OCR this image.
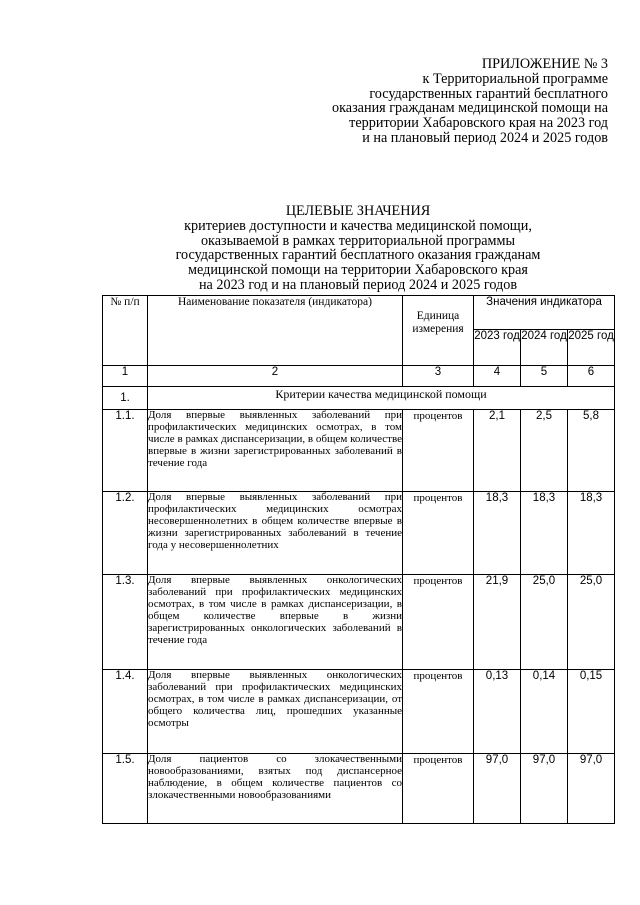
ПРИЛОЖЕНИЕ № 3
к Территориальной программе
государственных гарантий бесплатного
оказания гражданам медицинской помощи на
территории Хабаровского края на 2023 год
и на плановый период 2024 и 2025 годов
ЦЕЛЕВЫЕ ЗНАЧЕНИЯ
критериев доступности и качества медицинской помощи,
оказываемой в рамках территориальной программы
государственных гарантий бесплатного оказания гражданам
медицинской помощи на территории Хабаровского края
на 2023 год и на плановый период 2024 и 2025 годов
№ п/п	Наименование показателя (индикатора)	Единица измерения	Значения индикатора		
			2023 год	2024 год	2025 год
1	2	3	4	5	6
1.	Критерии качества медицинской помощи				
1.1.	Доля впервые выявленных заболеваний при профилактических медицинских осмотрах, в том числе в рамках диспансеризации, в общем количестве впервые в жизни зарегистрированных заболеваний в течение года	процентов	2,1	2,5	5,8
1.2.	Доля впервые выявленных заболеваний при профилактических медицинских осмотрах несовершеннолетних в общем количестве впервые в жизни зарегистрированных заболеваний в течение года у несовершеннолетних	процентов	18,3	18,3	18,3
1.3.	Доля впервые выявленных онкологических заболеваний при профилактических медицинских осмотрах, в том числе в рамках диспансеризации, в общем количестве впервые в жизни зарегистрированных онкологических заболеваний в течение года	процентов	21,9	25,0	25,0
1.4.	Доля впервые выявленных онкологических заболеваний при профилактических медицинских осмотрах, в том числе в рамках диспансеризации, от общего количества лиц, прошедших указанные осмотры	процентов	0,13	0,14	0,15
1.5.	Доля пациентов со злокачественными новообразованиями, взятых под диспансерное наблюдение, в общем количестве пациентов со злокачественными новообразованиями	процентов	97,0	97,0	97,0
